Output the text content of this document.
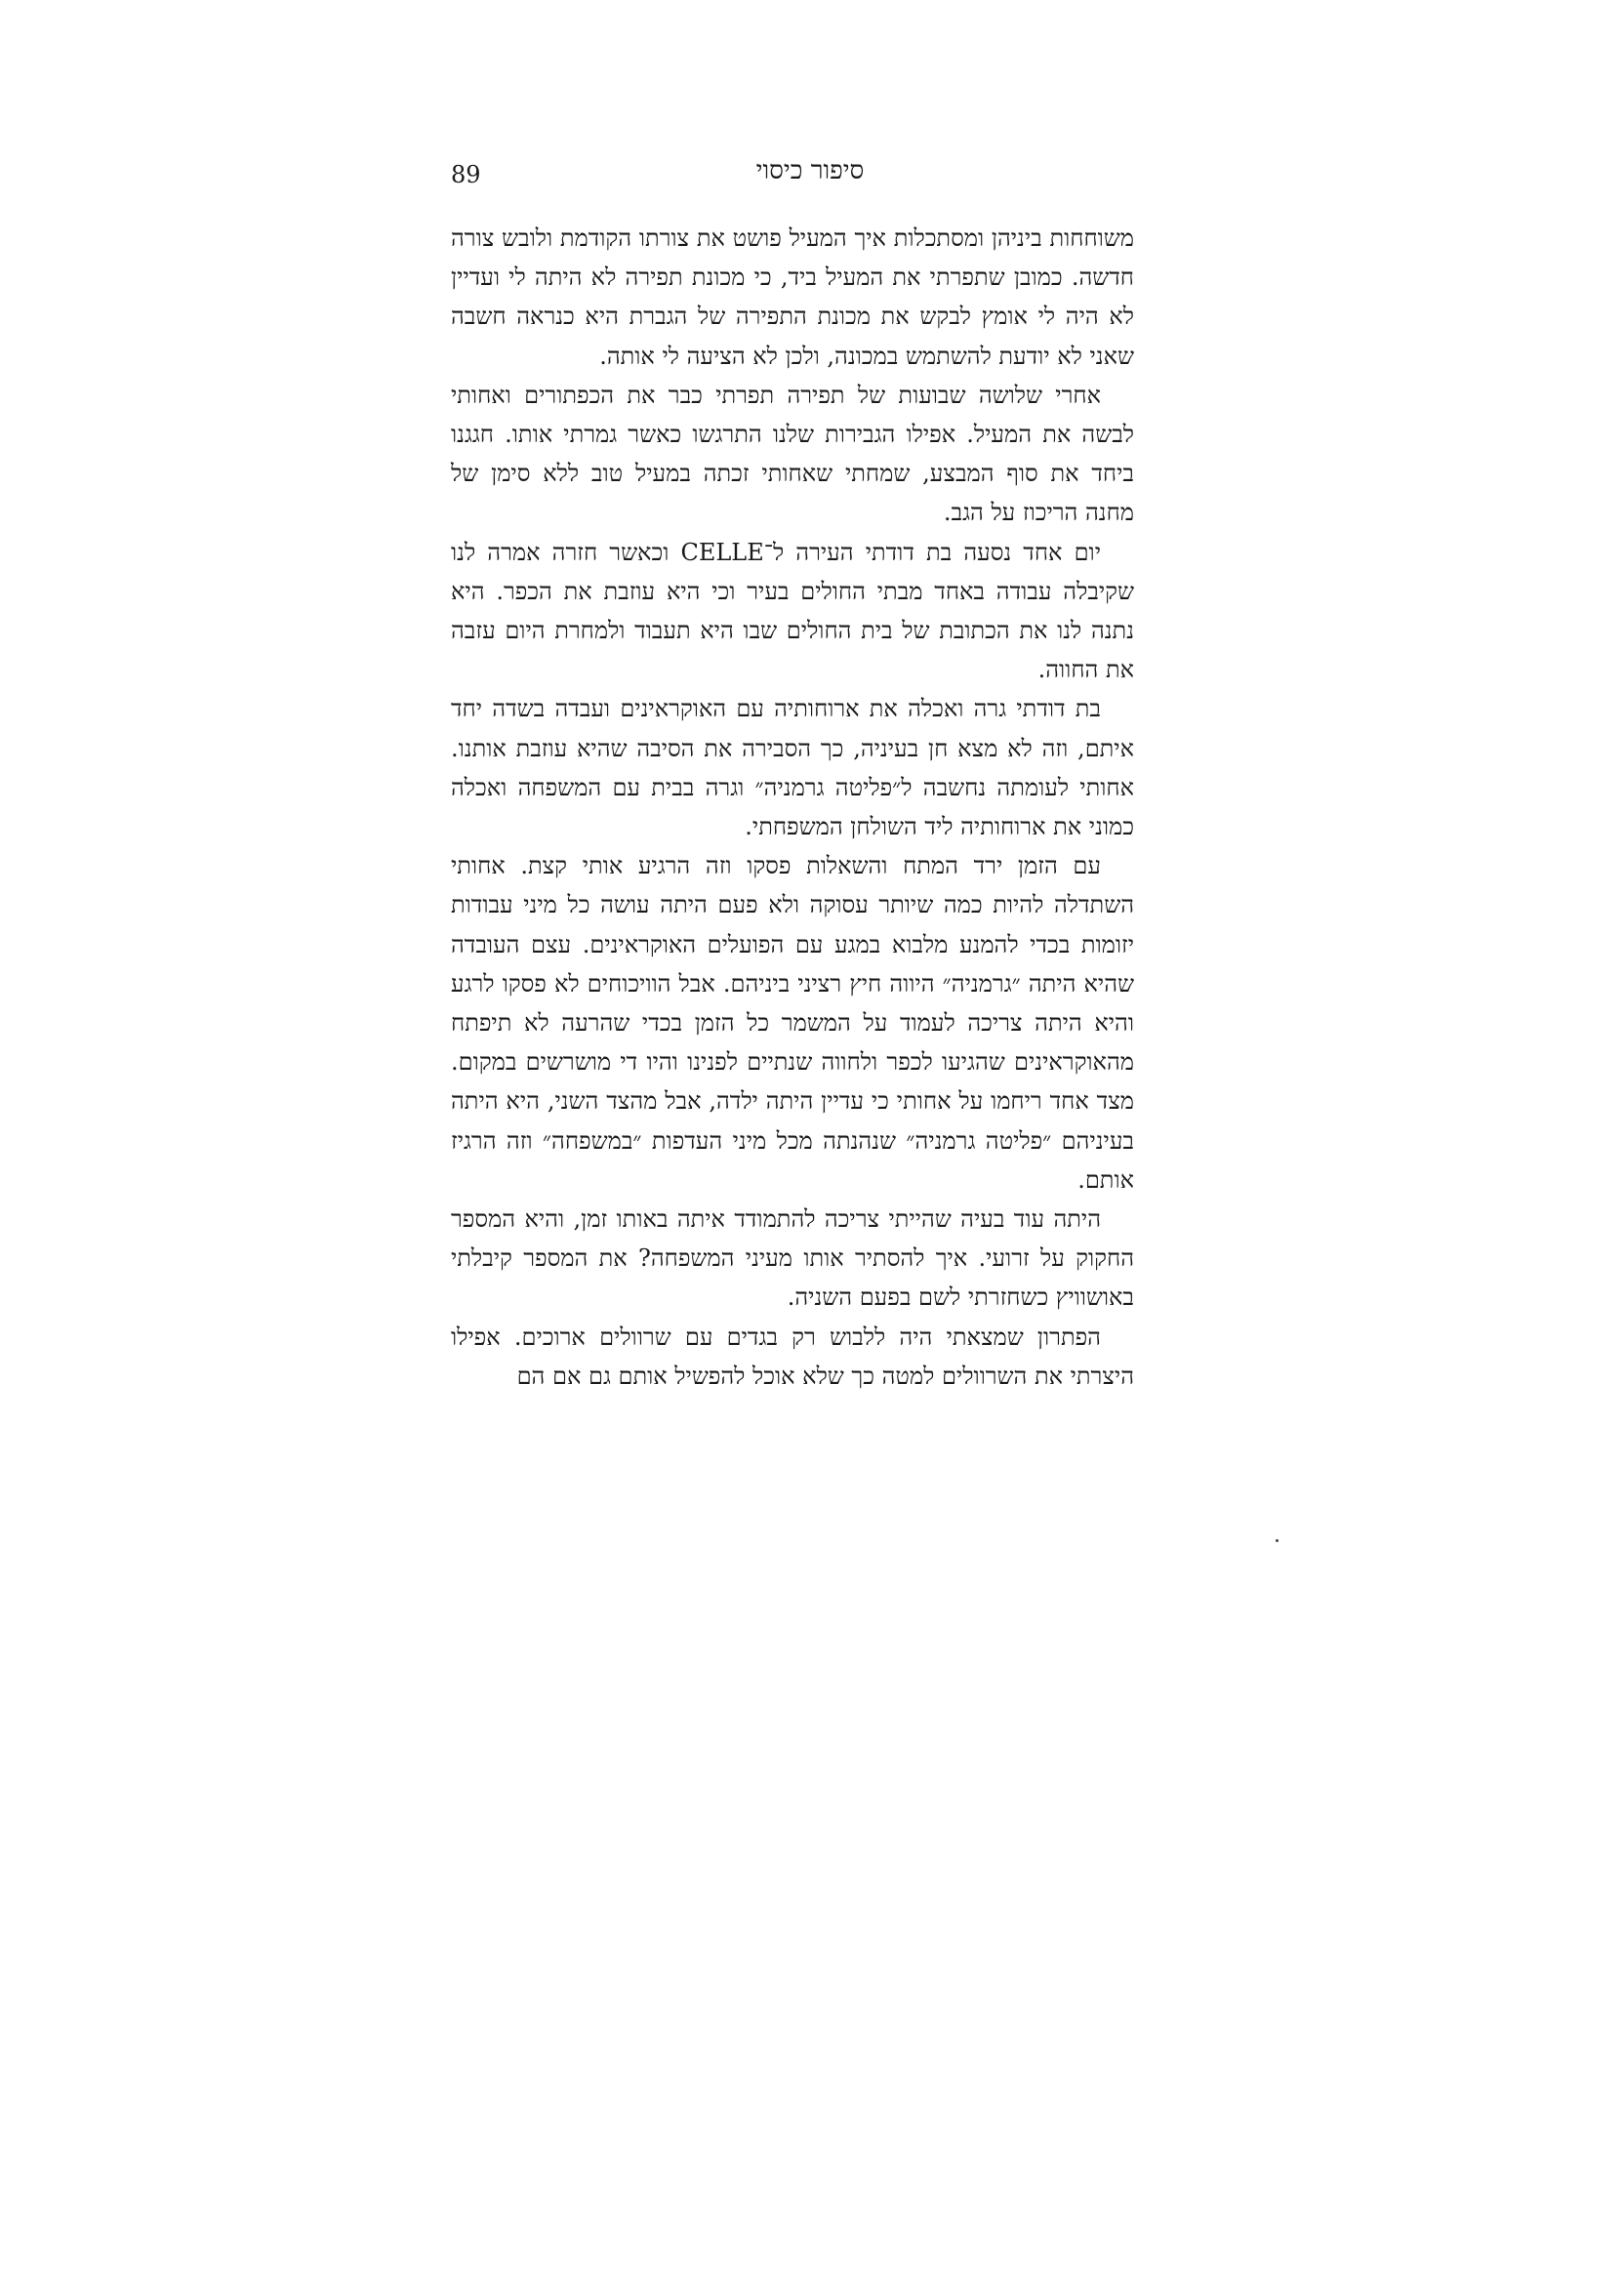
89	סיפור כיסוי

משוחחות ביניהן ומסתכלות איך המעיל פושט את צורתו הקודמת ולובש צורה חדשה. כמובן שתפרתי את המעיל ביד, כי מכונת תפירה לא היתה לי ועדיין לא היה לי אומץ לבקש את מכונת התפירה של הגברת היא כנראה חשבה שאני לא יודעת להשתמש במכונה, ולכן לא הציעה לי אותה.

אחרי שלושה שבועות של תפירה תפרתי כבר את הכפתורים ואחותי לבשה את המעיל. אפילו הגבירות שלנו התרגשו כאשר גמרתי אותו. חגגנו ביחד את סוף המבצע, שמחתי שאחותי זכתה במעיל טוב ללא סימן של מחנה הריכוז על הגב.

יום אחד נסעה בת דודתי העירה ל־CELLE וכאשר חזרה אמרה לנו שקיבלה עבודה באחד מבתי החולים בעיר וכי היא עוזבת את הכפר. היא נתנה לנו את הכתובת של בית החולים שבו היא תעבוד ולמחרת היום עזבה את החווה.

בת דודתי גרה ואכלה את ארוחותיה עם האוקראינים ועבדה בשדה יחד איתם, וזה לא מצא חן בעיניה, כך הסבירה את הסיבה שהיא עוזבת אותנו. אחותי לעומתה נחשבה ל״פליטה גרמניה״ וגרה בבית עם המשפחה ואכלה כמוני את ארוחותיה ליד השולחן המשפחתי.

עם הזמן ירד המתח והשאלות פסקו וזה הרגיע אותי קצת. אחותי השתדלה להיות כמה שיותר עסוקה ולא פעם היתה עושה כל מיני עבודות יזומות בכדי להמנע מלבוא במגע עם הפועלים האוקראינים. עצם העובדה שהיא היתה ״גרמניה״ היווה חיץ רציני ביניהם. אבל הוויכוחים לא פסקו לרגע והיא היתה צריכה לעמוד על המשמר כל הזמן בכדי שהרעה לא תיפתח מהאוקראינים שהגיעו לכפר ולחווה שנתיים לפנינו והיו די מושרשים במקום. מצד אחד ריחמו על אחותי כי עדיין היתה ילדה, אבל מהצד השני, היא היתה בעיניהם ״פליטה גרמניה״ שנהנתה מכל מיני העדפות ״במשפחה״ וזה הרגיז אותם.

היתה עוד בעיה שהייתי צריכה להתמודד איתה באותו זמן, והיא המספר החקוק על זרועי. איך להסתיר אותו מעיני המשפחה? את המספר קיבלתי באושוויץ כשחזרתי לשם בפעם השניה.

הפתרון שמצאתי היה ללבוש רק בגדים עם שרוולים ארוכים. אפילו היצרתי את השרוולים למטה כך שלא אוכל להפשיל אותם גם אם הם
